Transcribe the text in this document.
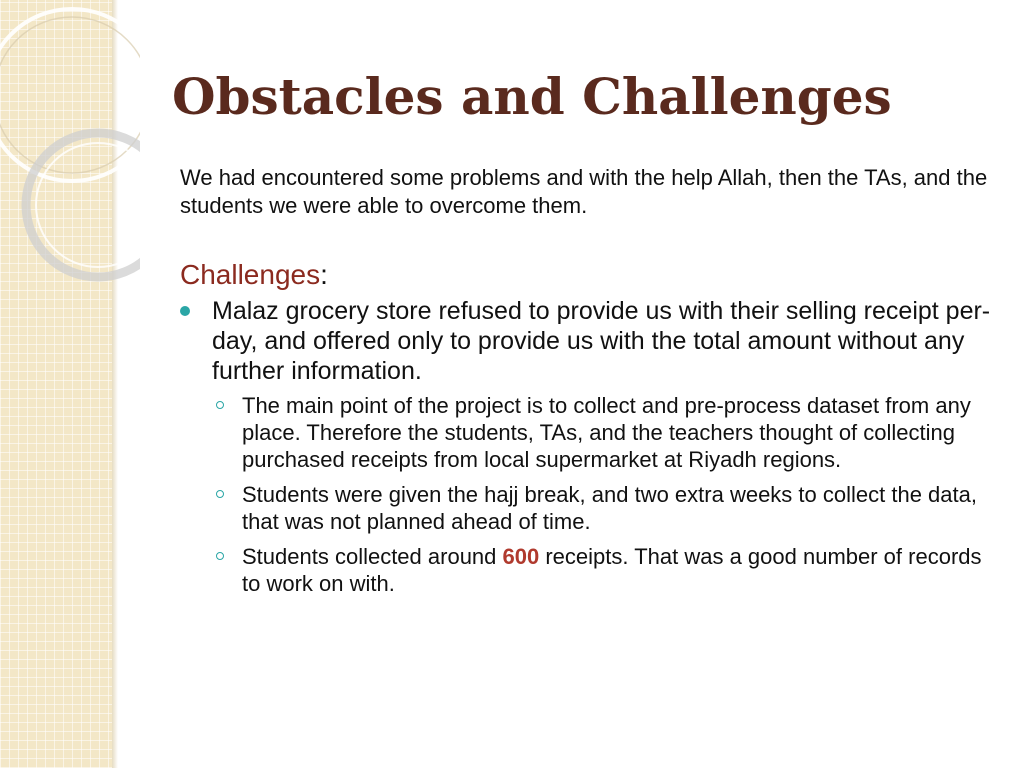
Obstacles and Challenges

We had encountered some problems and with the help Allah, then the TAs, and the students we were able to overcome them.

Challenges:

Malaz grocery store refused to provide us with their selling receipt per-day, and offered only to provide us with the total amount without any further information.
The main point of the project is to collect and pre-process dataset from any place. Therefore the students, TAs, and the teachers thought of collecting purchased receipts from local supermarket at Riyadh regions.
Students were given the hajj break, and two extra weeks to collect the data, that was not planned ahead of time.
Students collected around 600 receipts. That was a good number of records to work on with.
